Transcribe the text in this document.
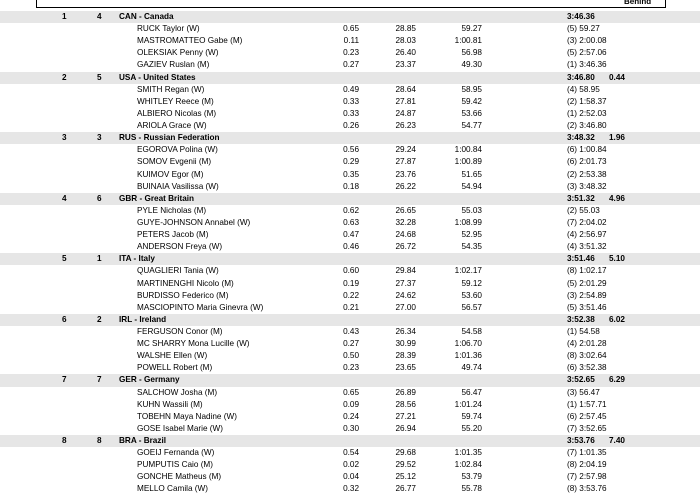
Behind
1	4 CAN - Canada	3:46.36
RUCK Taylor (W)	0.65	28.85	59.27	(5) 59.27
MASTROMATTEO Gabe (M)	0.11	28.03	1:00.81	(3) 2:00.08
OLEKSIAK Penny (W)	0.23	26.40	56.98	(5) 2:57.06
GAZIEV Ruslan (M)	0.27	23.37	49.30	(1) 3:46.36
2	5 USA - United States	3:46.80 0.44
SMITH Regan (W)	0.49	28.64	58.95	(4) 58.95
WHITLEY Reece (M)	0.33	27.81	59.42	(2) 1:58.37
ALBIERO Nicolas (M)	0.33	24.87	53.66	(1) 2:52.03
ARIOLA Grace (W)	0.26	26.23	54.77	(2) 3:46.80
3	3 RUS - Russian Federation	3:48.32 1.96
EGOROVA Polina (W)	0.56	29.24	1:00.84	(6) 1:00.84
SOMOV Evgenii (M)	0.29	27.87	1:00.89	(6) 2:01.73
KUIMOV Egor (M)	0.35	23.76	51.65	(2) 2:53.38
BUINAIA Vasilissa (W)	0.18	26.22	54.94	(3) 3:48.32
4	6 GBR - Great Britain	3:51.32 4.96
PYLE Nicholas (M)	0.62	26.65	55.03	(2) 55.03
GUYE-JOHNSON Annabel (W)	0.63	32.28	1:08.99	(7) 2:04.02
PETERS Jacob (M)	0.47	24.68	52.95	(4) 2:56.97
ANDERSON Freya (W)	0.46	26.72	54.35	(4) 3:51.32
5	1 ITA - Italy	3:51.46 5.10
QUAGLIERI Tania (W)	0.60	29.84	1:02.17	(8) 1:02.17
MARTINENGHI Nicolo (M)	0.19	27.37	59.12	(5) 2:01.29
BURDISSO Federico (M)	0.22	24.62	53.60	(3) 2:54.89
MASCIOPINTO Maria Ginevra (W)	0.21	27.00	56.57	(5) 3:51.46
6	2 IRL - Ireland	3:52.38 6.02
FERGUSON Conor (M)	0.43	26.34	54.58	(1) 54.58
MC SHARRY Mona Lucille (W)	0.27	30.99	1:06.70	(4) 2:01.28
WALSHE Ellen (W)	0.50	28.39	1:01.36	(8) 3:02.64
POWELL Robert (M)	0.23	23.65	49.74	(6) 3:52.38
7	7 GER - Germany	3:52.65 6.29
SALCHOW Josha (M)	0.65	26.89	56.47	(3) 56.47
KUHN Wassili (M)	0.09	28.56	1:01.24	(1) 1:57.71
TOBEHN Maya Nadine (W)	0.24	27.21	59.74	(6) 2:57.45
GOSE Isabel Marie (W)	0.30	26.94	55.20	(7) 3:52.65
8	8 BRA - Brazil	3:53.76 7.40
GOEIJ Fernanda (W)	0.54	29.68	1:01.35	(7) 1:01.35
PUMPUTIS Caio (M)	0.02	29.52	1:02.84	(8) 2:04.19
GONCHE Matheus (M)	0.04	25.12	53.79	(7) 2:57.98
MELLO Camila (W)	0.32	26.77	55.78	(8) 3:53.76
